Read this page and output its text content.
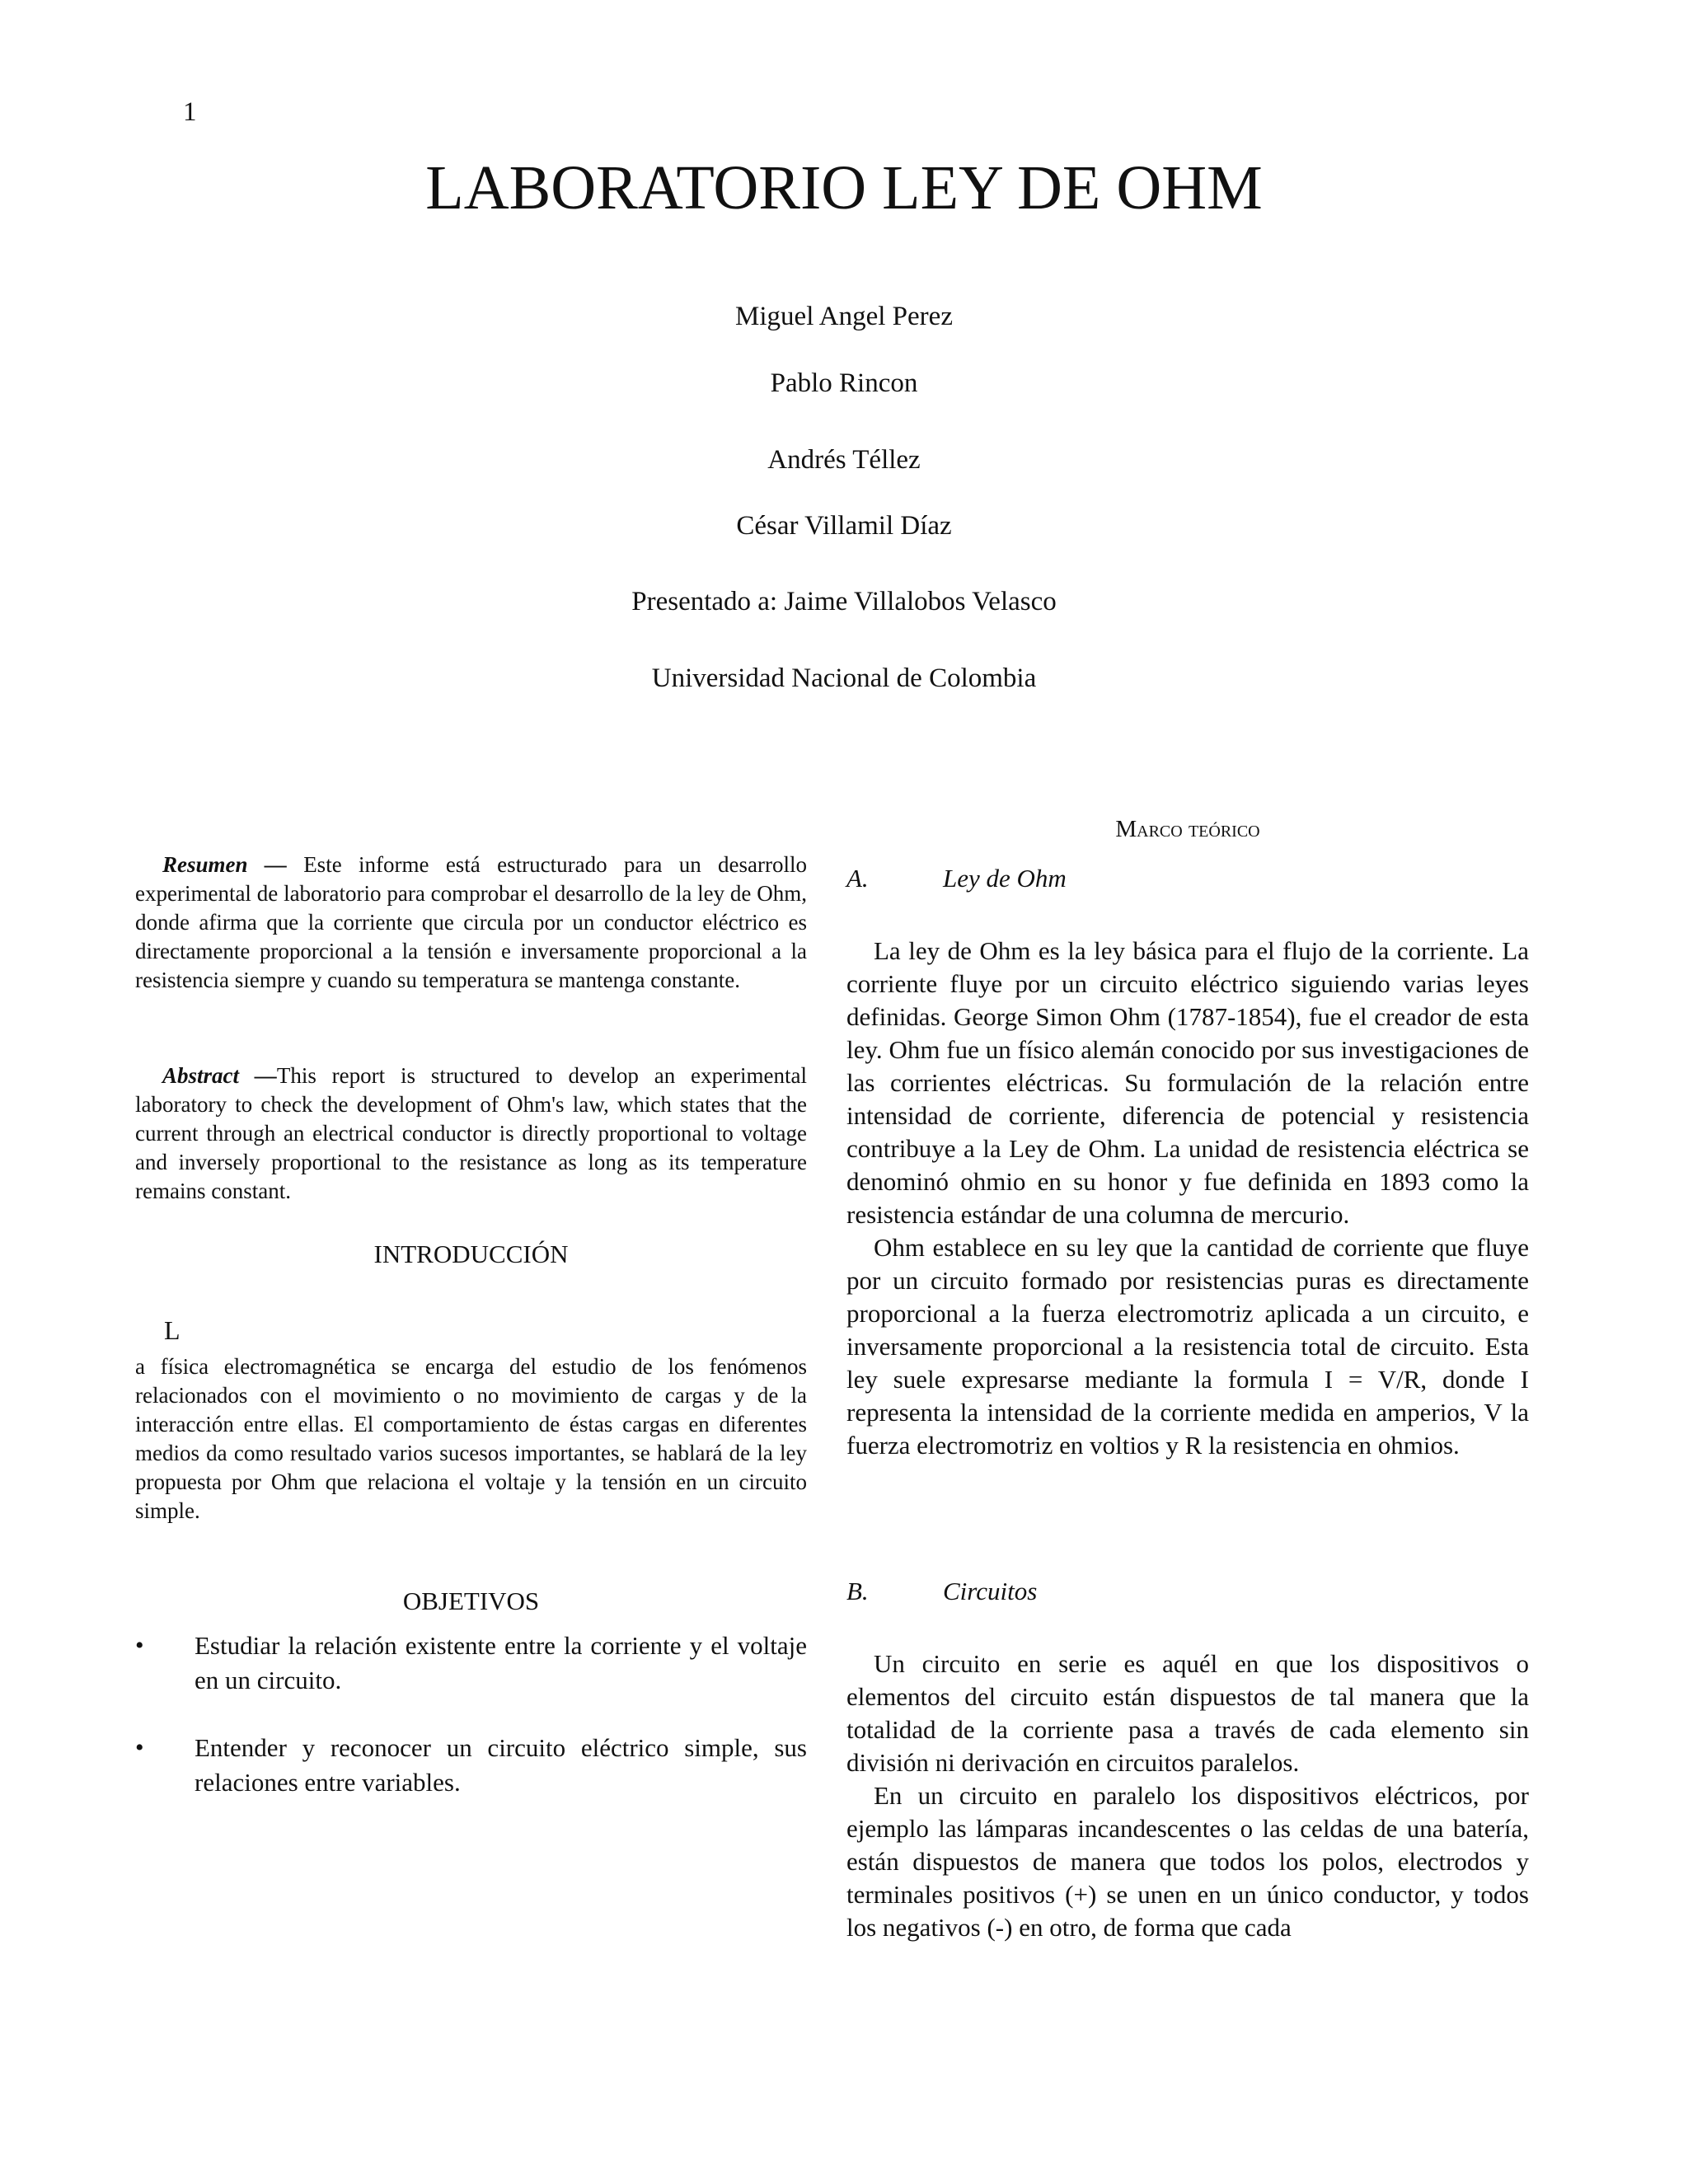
1
LABORATORIO LEY DE OHM
Miguel Angel Perez
Pablo Rincon
Andrés Téllez
César Villamil Díaz
Presentado a: Jaime Villalobos Velasco
Universidad Nacional de Colombia

Resumen — Este informe está estructurado para un desarrollo experimental de laboratorio para comprobar el desarrollo de la ley de Ohm, donde afirma que la corriente que circula por un conductor eléctrico es directamente proporcional a la tensión e inversamente proporcional a la resistencia siempre y cuando su temperatura se mantenga constante.

Abstract —This report is structured to develop an experimental laboratory to check the development of Ohm's law, which states that the current through an electrical conductor is directly proportional to voltage and inversely proportional to the resistance as long as its temperature remains constant.

INTRODUCCIÓN

L

a física electromagnética se encarga del estudio de los fenómenos relacionados con el movimiento o no movimiento de cargas y de la interacción entre ellas. El comportamiento de éstas cargas en diferentes medios da como resultado varios sucesos importantes, se hablará de la ley propuesta por Ohm que relaciona el voltaje y la tensión en un circuito simple.

OBJETIVOS

• Estudiar la relación existente entre la corriente y el voltaje en un circuito.
• Entender y reconocer un circuito eléctrico simple, sus relaciones entre variables.

Marco teórico

A.	Ley de Ohm

La ley de Ohm es la ley básica para el flujo de la corriente. La corriente fluye por un circuito eléctrico siguiendo varias leyes definidas. George Simon Ohm (1787-1854), fue el creador de esta ley. Ohm fue un físico alemán conocido por sus investigaciones de las corrientes eléctricas. Su formulación de la relación entre intensidad de corriente, diferencia de potencial y resistencia contribuye a la Ley de Ohm. La unidad de resistencia eléctrica se denominó ohmio en su honor y fue definida en 1893 como la resistencia estándar de una columna de mercurio.

Ohm establece en su ley que la cantidad de corriente que fluye por un circuito formado por resistencias puras es directamente proporcional a la fuerza electromotriz aplicada a un circuito, e inversamente proporcional a la resistencia total de circuito. Esta ley suele expresarse mediante la formula I = V/R, donde I representa la intensidad de la corriente medida en amperios, V la fuerza electromotriz en voltios y R la resistencia en ohmios.

B.	Circuitos

Un circuito en serie es aquél en que los dispositivos o elementos del circuito están dispuestos de tal manera que la totalidad de la corriente pasa a través de cada elemento sin división ni derivación en circuitos paralelos.

En un circuito en paralelo los dispositivos eléctricos, por ejemplo las lámparas incandescentes o las celdas de una batería, están dispuestos de manera que todos los polos, electrodos y terminales positivos (+) se unen en un único conductor, y todos los negativos (-) en otro, de forma que cada
